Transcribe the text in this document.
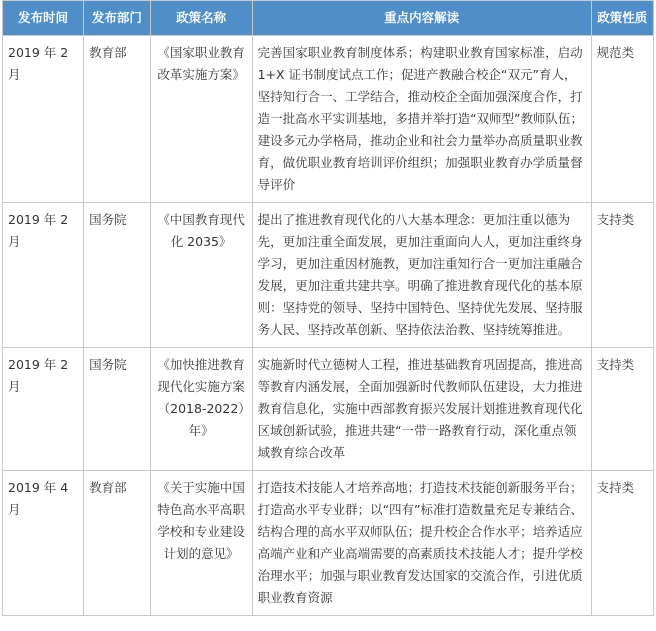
发布时间	发布部门	政策名称	重点内容解读	政策性质
2019 年 2 月	教育部	《国家职业教育改革实施方案》	完善国家职业教育制度体系；构建职业教育国家标准，启动 1+X 证书制度试点工作；促进产教融合校企“双元”育人，坚持知行合一、工学结合，推动校企全面加强深度合作，打造一批高水平实训基地，多措并举打造“双师型”教师队伍；建设多元办学格局，推动企业和社会力量举办高质量职业教育，做优职业教育培训评价组织；加强职业教育办学质量督导评价	规范类
2019 年 2 月	国务院	《中国教育现代化 2035》	提出了推进教育现代化的八大基本理念：更加注重以德为先，更加注重全面发展，更加注重面向人人，更加注重终身学习，更加注重因材施教，更加注重知行合一更加注重融合发展，更加注重共建共享。明确了推进教育现代化的基本原则：坚持党的领导、坚持中国特色、坚持优先发展、坚持服务人民、坚持改革创新、坚持依法治教、坚持统筹推进。	支持类
2019 年 2 月	国务院	《加快推进教育现代化实施方案（2018-2022）年》	实施新时代立德树人工程，推进基础教育巩固提高，推进高等教育内涵发展，全面加强新时代教师队伍建设，大力推进教育信息化，实施中西部教育振兴发展计划推进教育现代化区域创新试验，推进共建“一带一路教育行动，深化重点领域教育综合改革	支持类
2019 年 4 月	教育部	《关于实施中国特色高水平高职学校和专业建设计划的意见》	打造技术技能人才培养高地；打造技术技能创新服务平台；打造高水平专业群；以“四有”标准打造数量充足专兼结合、结构合理的高水平双师队伍；提升校企合作水平；培养适应高端产业和产业高端需要的高素质技术技能人才；提升学校治理水平；加强与职业教育发达国家的交流合作，引进优质职业教育资源	支持类
